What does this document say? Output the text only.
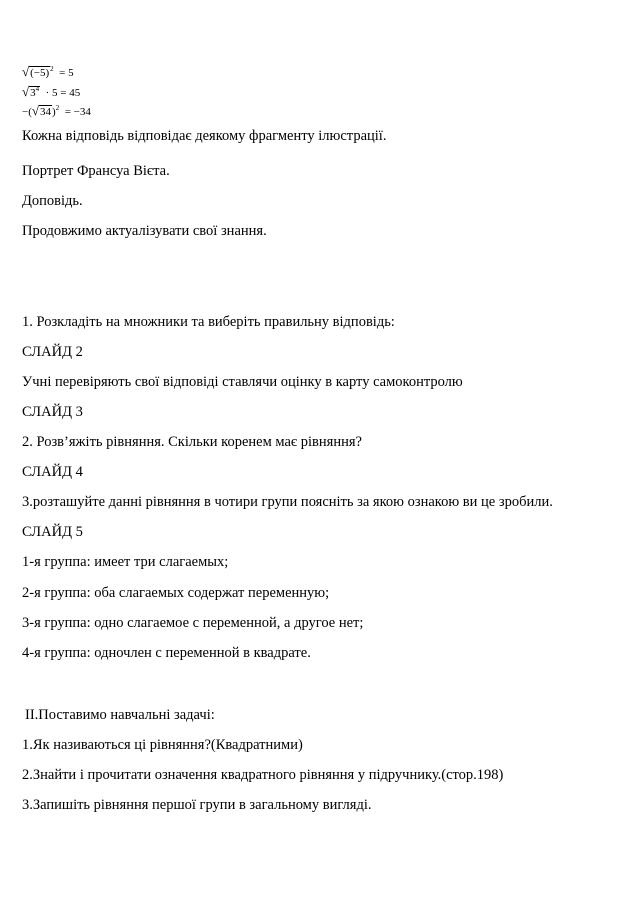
$√(-5)^2 = 5$
$√3^4 \cdot 5 = 45$
$-(√34)^2 = -34$
Кожна відповідь відповідає деякому фрагменту ілюстрації.
Портрет Франсуа Вієта.
Доповідь.
Продовжимо актуалізувати свої знання.
1. Розкладіть на множники та виберіть правильну відповідь:
СЛАЙД 2
Учні перевіряють свої відповіді ставлячи оцінку в карту самоконтролю
СЛАЙД 3
2. Розв’яжіть рівняння. Скільки коренем має рівняння?
СЛАЙД 4
3.розташуйте данні рівняння в чотири групи поясніть за якою ознакою ви це зробили.
СЛАЙД 5
1-я группа: имеет три слагаемых;
2-я группа: оба слагаемых содержат переменную;
3-я группа: одно слагаемое с переменной, а другое нет;
4-я группа: одночлен с переменной в квадрате.
II.Поставимо навчальні задачі:
1.Як називаються ці рівняння?(Квадратними)
2.Знайти і прочитати означення квадратного рівняння у підручнику.(стор.198)
3.Запишіть рівняння першої групи в загальному вигляді.
